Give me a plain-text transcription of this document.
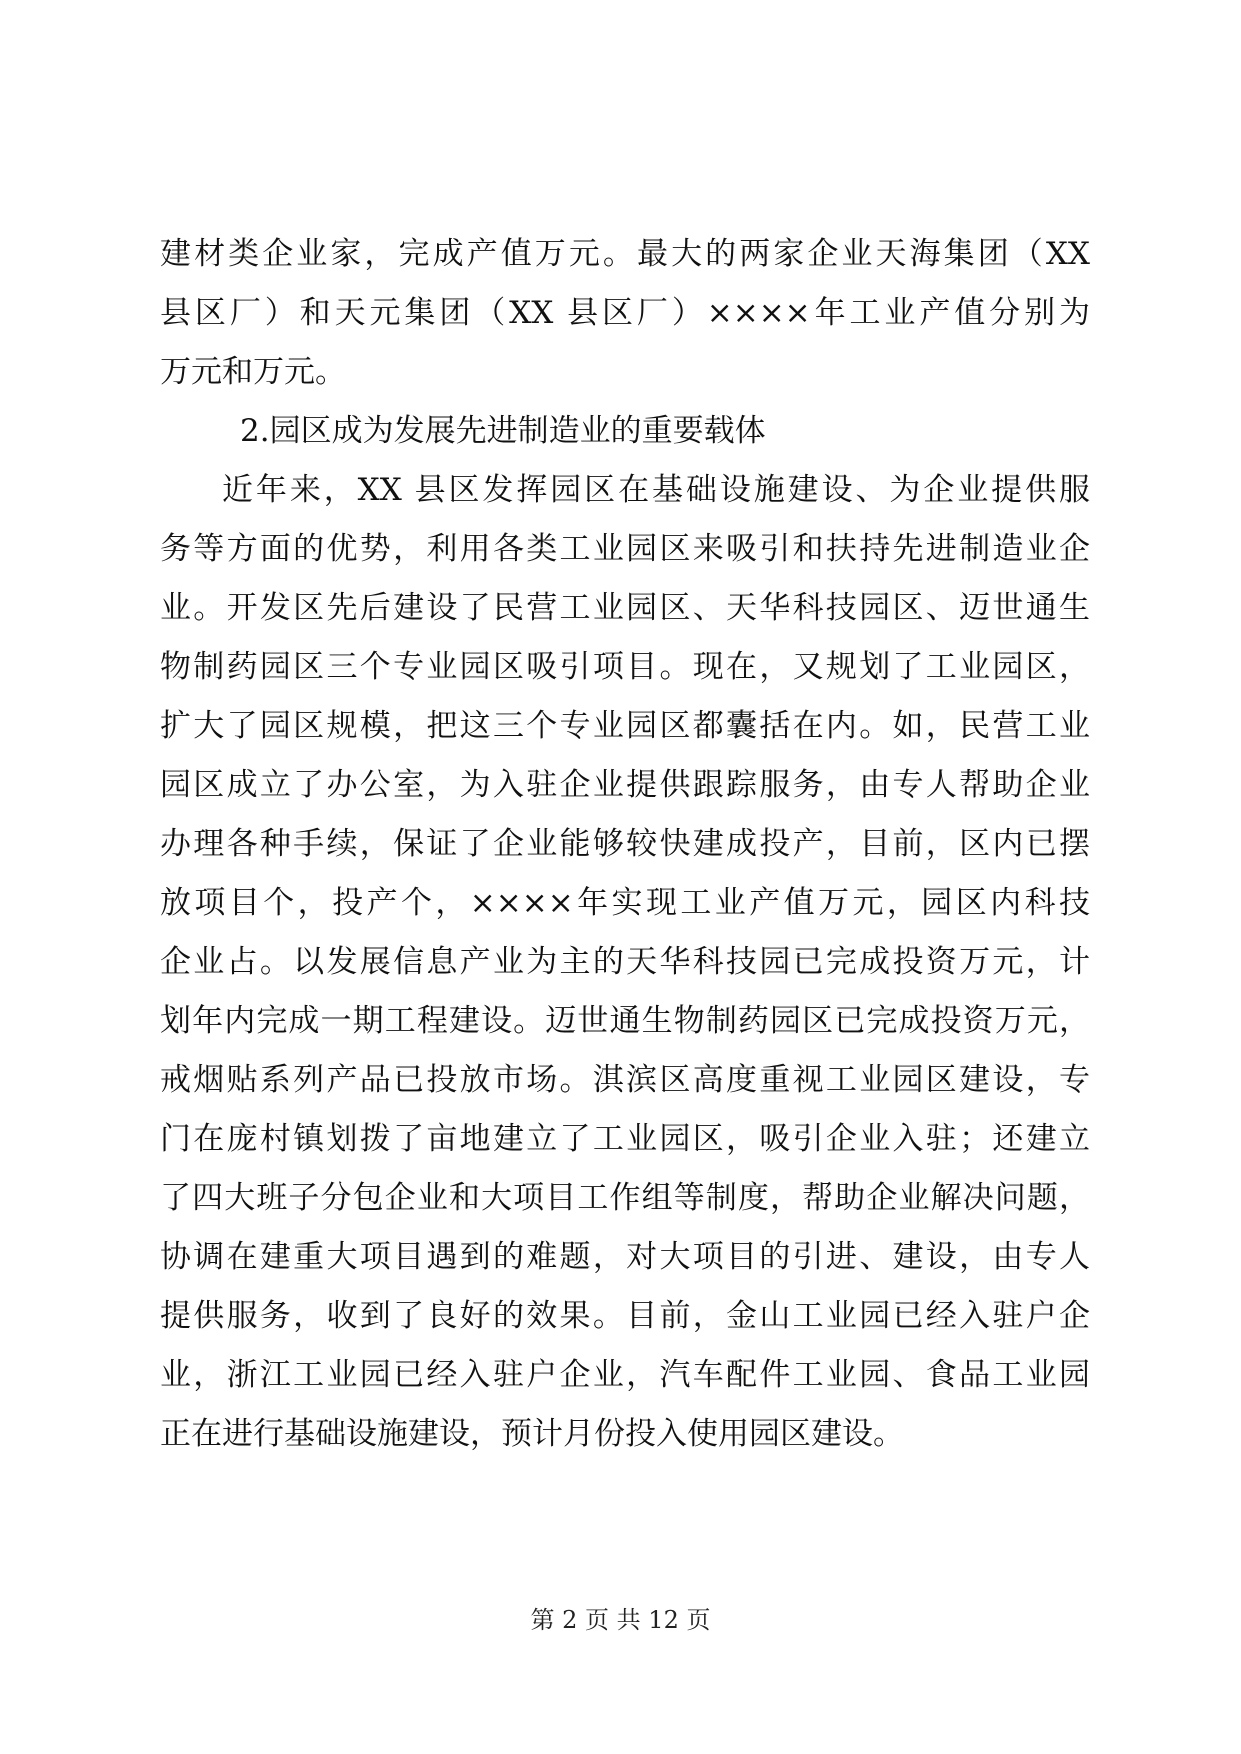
建材类企业家，完成产值万元。最大的两家企业天海集团（XX
县区厂）和天元集团（XX 县区厂）××××年工业产值分别为
万元和万元。
2.园区成为发展先进制造业的重要载体
近年来，XX 县区发挥园区在基础设施建设、为企业提供服
务等方面的优势，利用各类工业园区来吸引和扶持先进制造业企
业。开发区先后建设了民营工业园区、天华科技园区、迈世通生
物制药园区三个专业园区吸引项目。现在，又规划了工业园区，
扩大了园区规模，把这三个专业园区都囊括在内。如，民营工业
园区成立了办公室，为入驻企业提供跟踪服务，由专人帮助企业
办理各种手续，保证了企业能够较快建成投产，目前，区内已摆
放项目个，投产个，××××年实现工业产值万元，园区内科技
企业占。以发展信息产业为主的天华科技园已完成投资万元，计
划年内完成一期工程建设。迈世通生物制药园区已完成投资万元，
戒烟贴系列产品已投放市场。淇滨区高度重视工业园区建设，专
门在庞村镇划拨了亩地建立了工业园区，吸引企业入驻；还建立
了四大班子分包企业和大项目工作组等制度，帮助企业解决问题，
协调在建重大项目遇到的难题，对大项目的引进、建设，由专人
提供服务，收到了良好的效果。目前，金山工业园已经入驻户企
业，浙江工业园已经入驻户企业，汽车配件工业园、食品工业园
正在进行基础设施建设，预计月份投入使用园区建设。
第 2 页 共 12 页
